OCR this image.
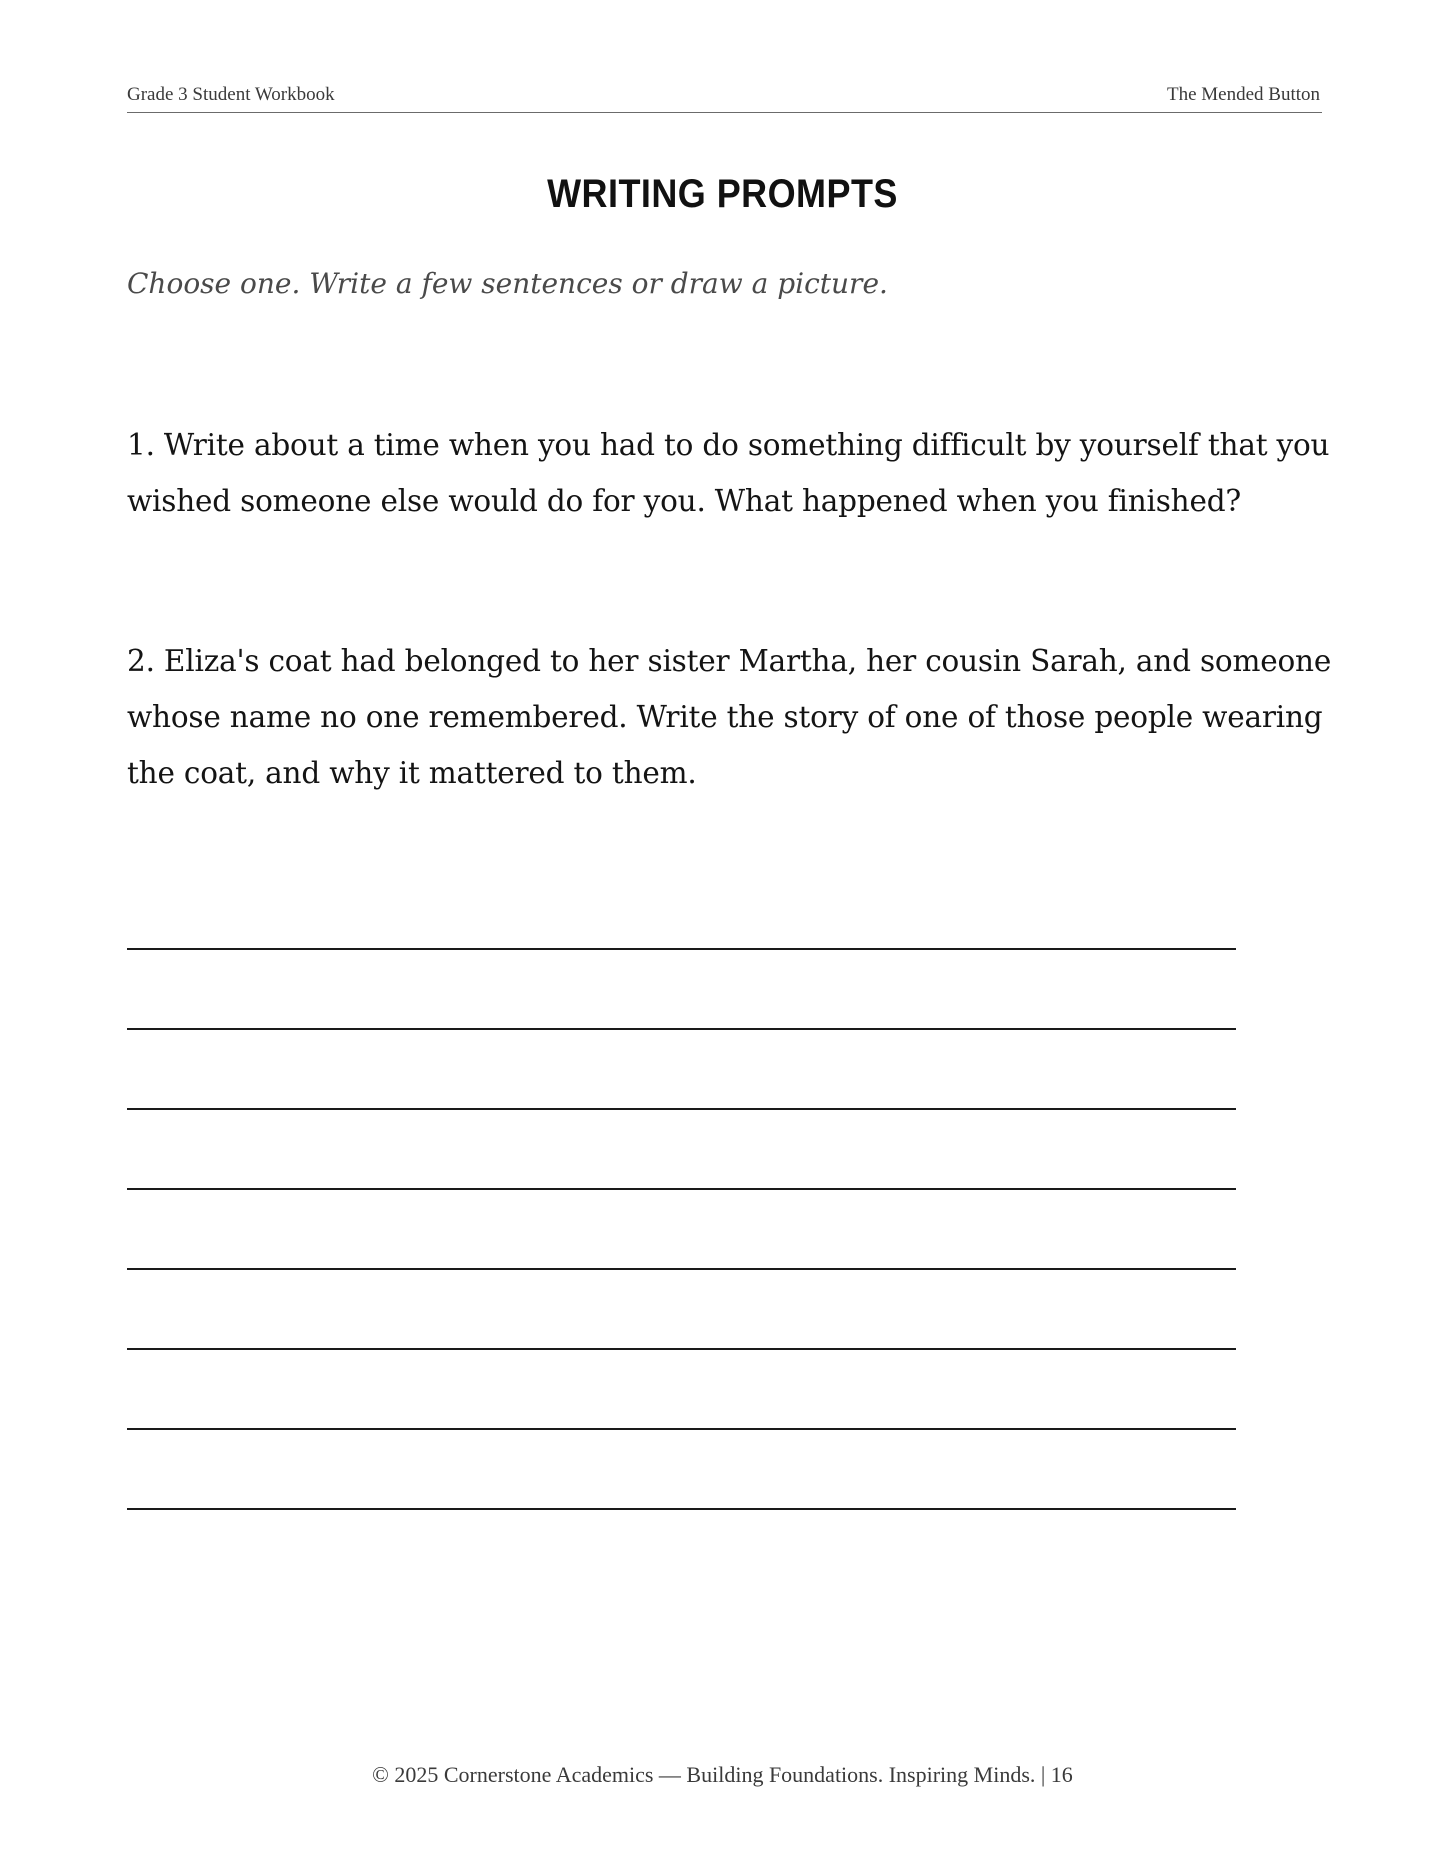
Grade 3 Student Workbook	The Mended Button
WRITING PROMPTS
Choose one. Write a few sentences or draw a picture.
1. Write about a time when you had to do something difficult by yourself that you wished someone else would do for you. What happened when you finished?
2. Eliza's coat had belonged to her sister Martha, her cousin Sarah, and someone whose name no one remembered. Write the story of one of those people wearing the coat, and why it mattered to them.
© 2025 Cornerstone Academics — Building Foundations. Inspiring Minds. | 16
